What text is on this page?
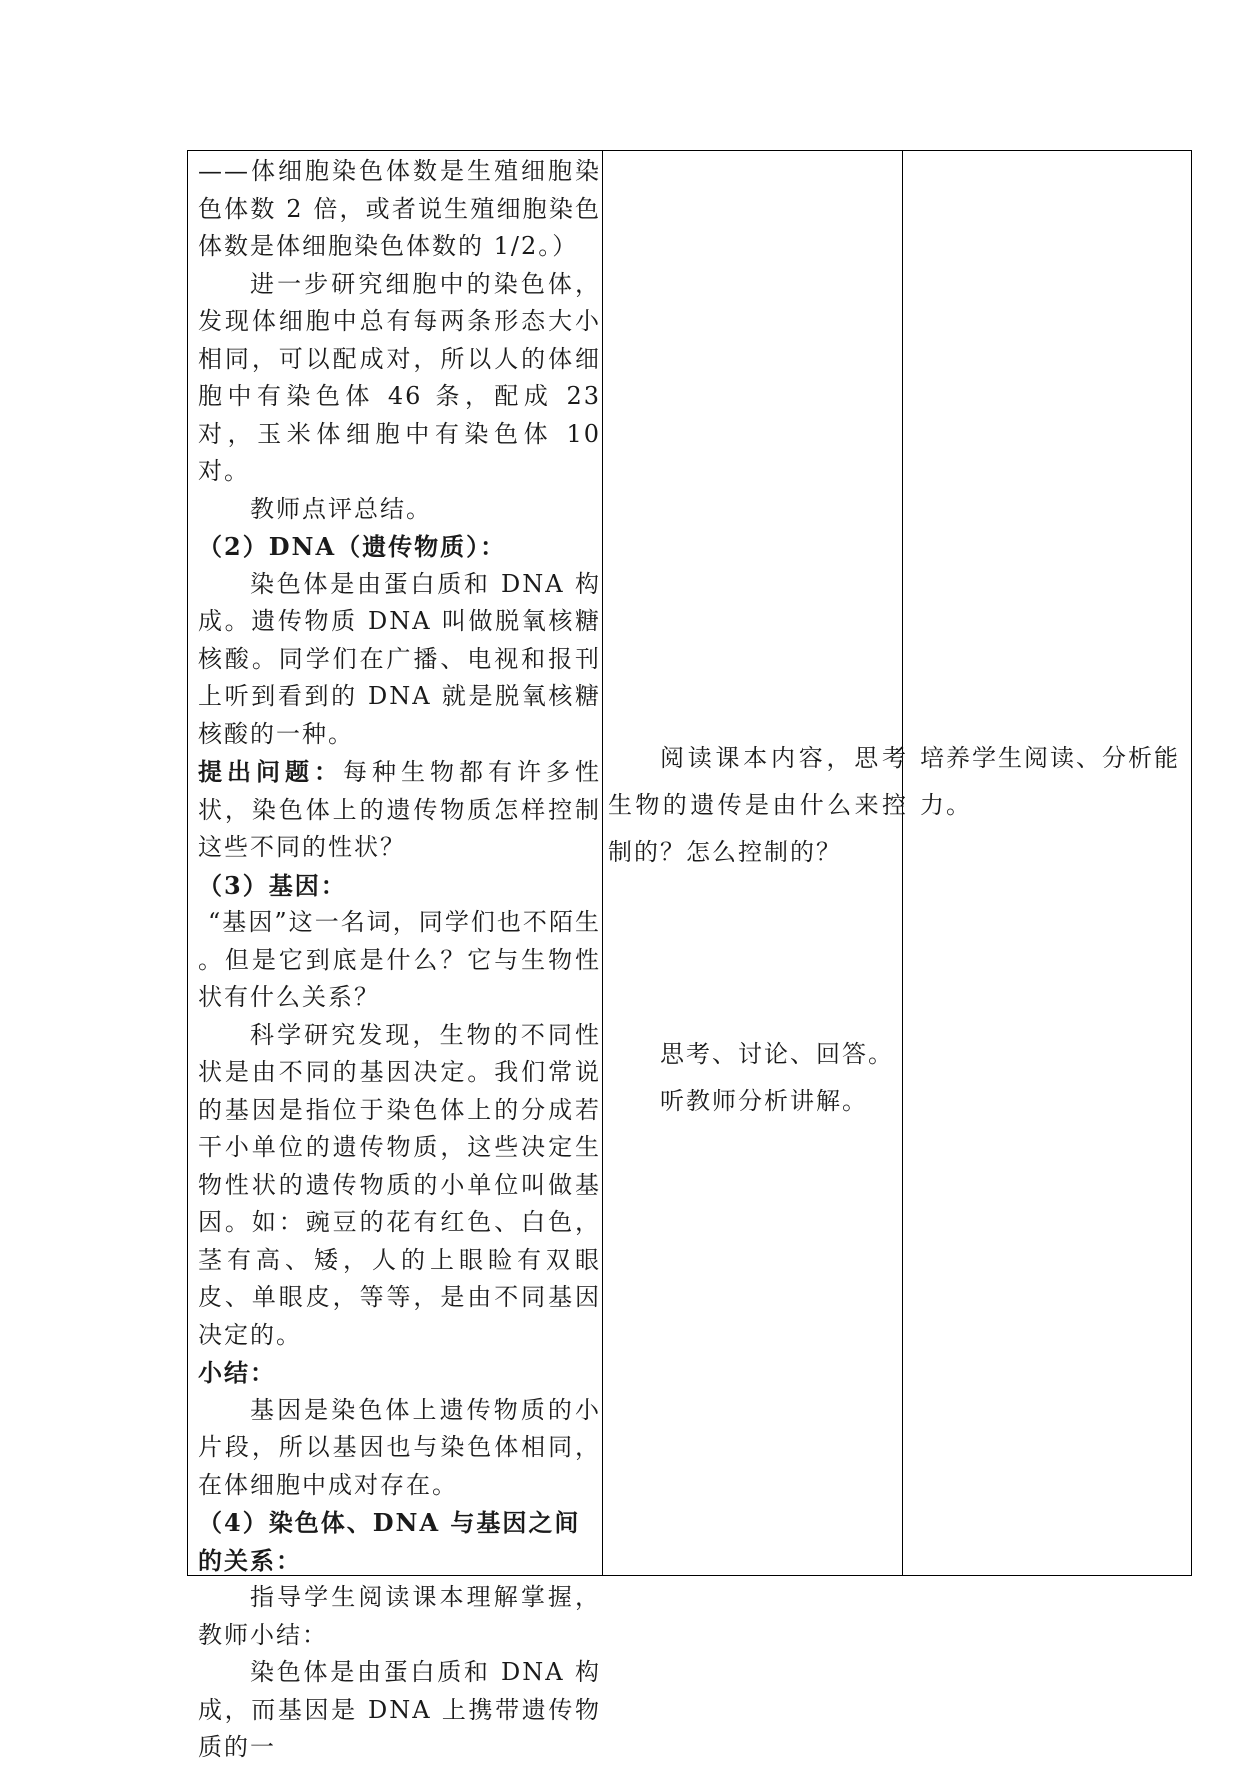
——体细胞染色体数是生殖细胞染色体数 2 倍，或者说生殖细胞染色体数是体细胞染色体数的 1/2。）

进一步研究细胞中的染色体，发现体细胞中总有每两条形态大小相同，可以配成对，所以人的体细胞中有染色体 46 条，配成 23 对，玉米体细胞中有染色体 10 对。

教师点评总结。

（2）DNA（遗传物质）：

染色体是由蛋白质和 DNA 构成。遗传物质 DNA 叫做脱氧核糖核酸。同学们在广播、电视和报刊上听到看到的 DNA 就是脱氧核糖核酸的一种。

提出问题：每种生物都有许多性状，染色体上的遗传物质怎样控制这些不同的性状？

（3）基因：

“基因”这一名词，同学们也不陌生 。但是它到底是什么？它与生物性状有什么关系？

科学研究发现，生物的不同性状是由不同的基因决定。我们常说的基因是指位于染色体上的分成若干小单位的遗传物质，这些决定生物性状的遗传物质的小单位叫做基因。如：豌豆的花有红色、白色，茎有高、矮，人的上眼睑有双眼皮、单眼皮，等等，是由不同基因决定的。

小结：

基因是染色体上遗传物质的小片段，所以基因也与染色体相同，在体细胞中成对存在。

（4）染色体、DNA 与基因之间的关系：

指导学生阅读课本理解掌握，教师小结：

染色体是由蛋白质和 DNA 构成，而基因是 DNA 上携带遗传物质的一

阅读课本内容，思考生物的遗传是由什么来控制的？怎么控制的？

思考、讨论、回答。

听教师分析讲解。

培养学生阅读、分析能力。
